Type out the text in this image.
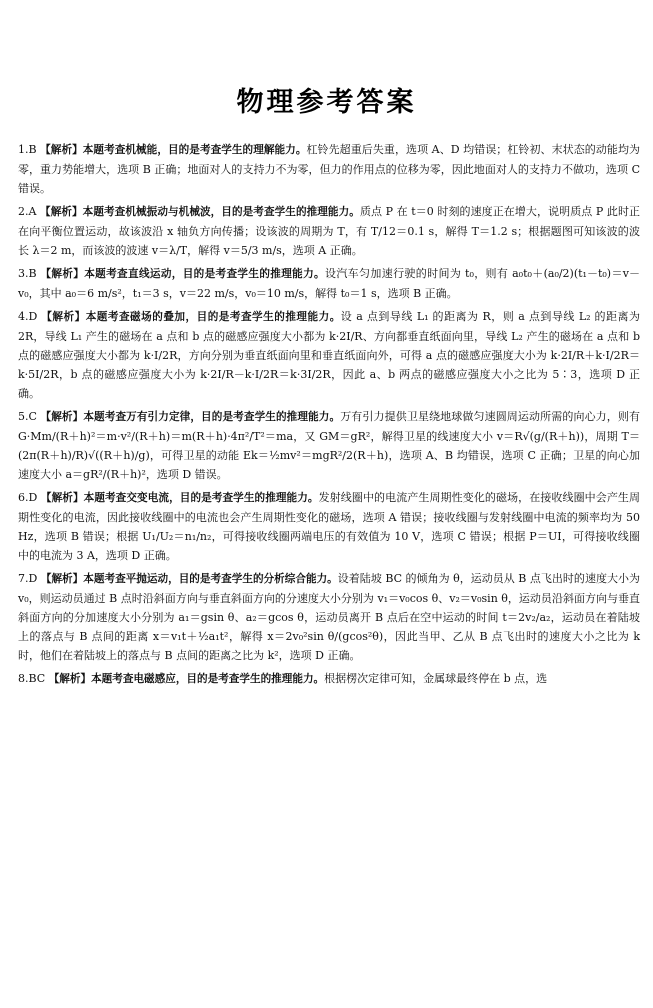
物理参考答案
1.B 【解析】本题考查机械能，目的是考查学生的理解能力。杠铃先超重后失重，选项 A、D 均错误；杠铃初、末状态的动能均为零，重力势能增大，选项 B 正确；地面对人的支持力不为零，但力的作用点的位移为零，因此地面对人的支持力不做功，选项 C 错误。
2.A 【解析】本题考查机械振动与机械波，目的是考查学生的推理能力。质点 P 在 t＝0 时刻的速度正在增大，说明质点 P 此时正在向平衡位置运动，故该波沿 x 轴负方向传播；设该波的周期为 T，有 T/12＝0.1 s，解得 T＝1.2 s；根据题图可知该波的波长 λ＝2 m，而该波的波速 v＝λ/T，解得 v＝5/3 m/s，选项 A 正确。
3.B 【解析】本题考查直线运动，目的是考查学生的推理能力。设汽车匀加速行驶的时间为 t₀，则有 a₀t₀＋(a₀/2)(t₁－t₀)＝v－v₀，其中 a₀＝6 m/s²，t₁＝3 s，v＝22 m/s，v₀＝10 m/s，解得 t₀＝1 s，选项 B 正确。
4.D 【解析】本题考查磁场的叠加，目的是考查学生的推理能力。设 a 点到导线 L₁ 的距离为 R，则 a 点到导线 L₂ 的距离为 2R，导线 L₁ 产生的磁场在 a 点和 b 点的磁感应强度大小都为 k·2I/R、方向都垂直纸面向里，导线 L₂ 产生的磁场在 a 点和 b 点的磁感应强度大小都为 k·I/2R，方向分别为垂直纸面向里和垂直纸面向外，可得 a 点的磁感应强度大小为 k·2I/R＋k·I/2R＝k·5I/2R，b 点的磁感应强度大小为 k·2I/R－k·I/2R＝k·3I/2R，因此 a、b 两点的磁感应强度大小之比为 5∶3，选项 D 正确。
5.C 【解析】本题考查万有引力定律，目的是考查学生的推理能力。万有引力提供卫星绕地球做匀速圆周运动所需的向心力，则有 G·Mm/(R＋h)²＝m·v²/(R＋h)＝m(R＋h)·4π²/T²＝ma，又 GM＝gR²，解得卫星的线速度大小 v＝R√(g/(R＋h))，周期 T＝(2π(R＋h)/R)√((R＋h)/g)，可得卫星的动能 Ek＝½mv²＝mgR²/2(R＋h)，选项 A、B 均错误，选项 C 正确；卫星的向心加速度大小 a＝gR²/(R＋h)²，选项 D 错误。
6.D 【解析】本题考查交变电流，目的是考查学生的推理能力。发射线圈中的电流产生周期性变化的磁场，在接收线圈中会产生周期性变化的电流，因此接收线圈中的电流也会产生周期性变化的磁场，选项 A 错误；接收线圈与发射线圈中电流的频率均为 50 Hz，选项 B 错误；根据 U₁/U₂＝n₁/n₂，可得接收线圈两端电压的有效值为 10 V，选项 C 错误；根据 P＝UI，可得接收线圈中的电流为 3 A，选项 D 正确。
7.D 【解析】本题考查平抛运动，目的是考查学生的分析综合能力。设着陆坡 BC 的倾角为 θ，运动员从 B 点飞出时的速度大小为 v₀，则运动员通过 B 点时沿斜面方向与垂直斜面方向的分速度大小分别为 v₁＝v₀cos θ、v₂＝v₀sin θ，运动员沿斜面方向与垂直斜面方向的分加速度大小分别为 a₁＝gsin θ、a₂＝gcos θ，运动员离开 B 点后在空中运动的时间 t＝2v₂/a₂，运动员在着陆坡上的落点与 B 点间的距离 x＝v₁t＋½a₁t²，解得 x＝2v₀²sin θ/(gcos²θ)，因此当甲、乙从 B 点飞出时的速度大小之比为 k 时，他们在着陆坡上的落点与 B 点间的距离之比为 k²，选项 D 正确。
8.BC 【解析】本题考查电磁感应，目的是考查学生的推理能力。根据楞次定律可知，金属球最终停在 b 点，选
